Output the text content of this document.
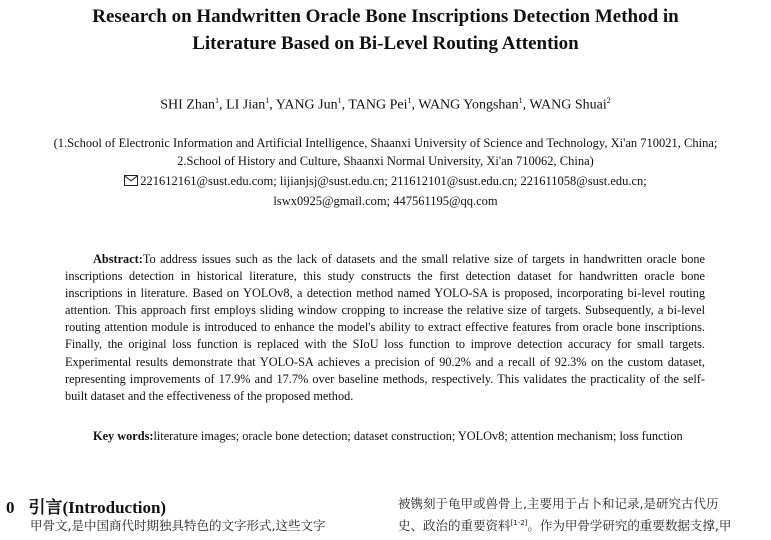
Research on Handwritten Oracle Bone Inscriptions Detection Method in
Literature Based on Bi-Level Routing Attention
SHI Zhan$^1$, LI Jian$^1$, YANG Jun$^1$, TANG Pei$^1$, WANG Yongshan$^1$, WANG Shuai$^2$
(1.School of Electronic Information and Artificial Intelligence, Shaanxi University of Science and Technology, Xi'an 710021, China;
2.School of History and Culture, Shaanxi Normal University, Xi'an 710062, China)
221612161@sust.edu.com; lijianjsj@sust.edu.cn; 211612101@sust.edu.cn; 221611058@sust.edu.cn;
lswx0925@gmail.com; 447561195@qq.com
Abstract:To address issues such as the lack of datasets and the small relative size of targets in handwritten oracle bone
inscriptions detection in historical literature, this study constructs the first detection dataset for handwritten oracle bone
inscriptions in literature. Based on YOLOv8, a detection method named YOLO-SA is proposed, incorporating bi-level routing
attention. This approach first employs sliding window cropping to increase the relative size of targets. Subsequently, a bi-level
routing attention module is introduced to enhance the model's ability to extract effective features from oracle bone inscriptions.
Finally, the original loss function is replaced with the SIoU loss function to improve detection accuracy for small targets.
Experimental results demonstrate that YOLO-SA achieves a precision of 90.2% and a recall of 92.3% on the custom dataset,
representing improvements of 17.9% and 17.7% over baseline methods, respectively. This validates the practicality of the self-
built dataset and the effectiveness of the proposed method.
Key words:literature images; oracle bone detection; dataset construction; YOLOv8; attention mechanism; loss function
0 引言(Introduction)
甲骨文,是中国商代时期独具特色的文字形式,这些文字
被镌刻于龟甲或兽骨上,主要用于占卜和记录,是研究古代历
史、政治的重要资料[1-2]。作为甲骨学研究的重要数据支撑,甲
